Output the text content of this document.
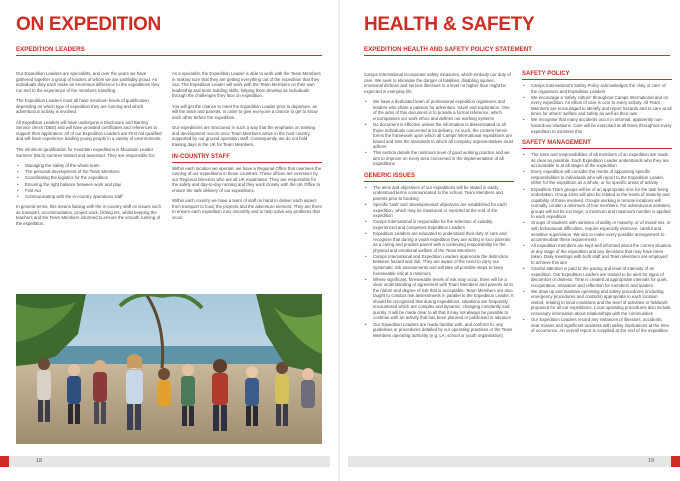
ON EXPEDITION
EXPEDITION LEADERS

Our Expedition Leaders are specialists, and over the years we have gathered together a group of leaders of whom we are justifiably proud. As individuals they each make an enormous difference to the expeditions they run and to the experience of the members travelling.

The Expedition Leaders must all have minimum levels of qualification, depending on which type of expedition they are running and which adventurous activity is involved.

All Expedition Leaders will have undergone a Disclosure and Barring Service check (DBS) and will have provided certificates and references to support their application. All of our Expedition Leaders are First Aid qualified and will have experience leading young people in a variety of environments.

The minimum qualification for mountain expeditions is Mountain Leader Summer (MLS) summer trained and assessed. They are responsible for:

• Managing the safety of the whole team
• The personal development of the Team Members
• Coordinating the logistics for the expedition
• Ensuring the right balance between work and play
• First Aid
• Communicating with the in-country operations staff

In general terms, this means liaising with the in-country staff on issues such as transport, accommodation, project work, fishing etc, whilst keeping the teachers and the Team Members informed to ensure the smooth running of the expedition.

As a specialist, the Expedition Leader is able to work with the Team Members in making sure that they are getting everything out of the expedition that they can. The Expedition Leader will work with the Team Members on their own leadership and team building skills, helping them develop as individuals through the challenges they face on expedition.

You will get the chance to meet the Expedition Leader prior to departure, as will the team and parents, in order to give everyone a chance to get to know each other before the expedition.

Our expeditions are structured in such a way that the emphasis on training and development occurs once Team Members arrive in the host country, supported by our ground operation staff. Consequently, we do not hold training days in the UK for Team Members.

IN-COUNTRY STAFF

Within each location we operate, we have a Regional Office that oversees the running of our expeditions in those countries. These offices are overseen by our Regional Directors who are all UK expatriates. They are responsible for the safety and day-to-day running and they work closely with the UK Office to ensure the safe delivery of our expeditions.

Within each country we have a team of staff on hand to deliver each aspect from transport to food; the projects and the adventure element. They are there to ensure each expedition runs smoothly and to help solve any problems that occur.

18
HEALTH & SAFETY
EXPEDITION HEALTH AND SAFETY POLICY STATEMENT

Camps International incorporate safety measures, which embody our duty of care. We seek to eliminate the danger of fatalities, disabling injuries, emotional distress and serious illnesses to a level no higher than might be expected in everyday life

• We have a dedicated team of professional expedition organisers and leaders who share a passion for adventure, travel and exploration. One of the aims of this document is to provide a formal reference, which encompasses our work ethos and defines our working systems
• No document is effective unless the information is disseminated to all those individuals concerned in its delivery. As such, the content herein forms the framework upon which all Camps International expeditions are based and sets the standards to which all company representatives must adhere
• This section details the minimum level of good working practice and we aim to improve on every area concerned in the implementation of all expeditions
GENERIC ISSUES
• The aims and objectives of our expeditions will be stated in easily understood terms communicated to the school, Team Members and parents prior to booking
• Specific 'task' and 'developmental' objectives are established for each expedition, which may be measured or reported at the end of the expedition
• Camps International is responsible for the selection of suitably experienced and competent Expedition Leaders
• Expedition Leaders are educated to understand their duty of care and recognise that during a youth expedition they are acting in loco parentis as a caring and prudent parent with a continuing responsibility for the physical and emotional welfare of the Team Members
• Camps International and Expedition Leaders appreciate the distinction between hazard and risk. They are aware of the need to carry out systematic risk assessments and will take all possible steps to keep foreseeable risk at a minimum
• Where significant, foreseeable levels of risk may occur, there will be a clear understanding or agreement with Team Members and parents as to the nature and degree of risk that is acceptable. Team Members are also taught to conduct risk assessments in parallel to the Expedition Leader. It should be recognised that during expeditions, situations are frequently encountered which are complex and dynamic, changing constantly and quickly. It will be made clear to all that it may not always be possible to continue with an activity that has been planned or publicised in advance
• Our Expedition Leaders are made familiar with, and conform to, any guidelines or procedures detailed by our operating practises or the Team Members operating authority (e.g. LA, school or youth organisation)
SAFETY POLICY
• Camps International's Safety Policy acknowledges the 'duty of care' of the organisers and Expedition Leaders
• We encourage a 'safety culture' throughout Camps International and on every expedition. An ethos of care is core to every activity. All Team Members are encouraged to identify and report hazards and to care at all times for others' welfare and safety as well as their own
• We recognise that many accidents occur in informal, apparently non-hazardous situations. Care will be exercised at all times throughout every expedition to minimise this
SAFETY MANAGEMENT
• The roles and responsibilities of all members of an expedition are made as clear as possible. Each Expedition Leader understands who they are accountable to at all stages of the expedition
• Every expedition will consider the merits of appointing specific responsibilities to individuals who will report to the Expedition Leader, either for the expedition as a whole, or for specific areas of activity
• Expedition Team groups will be of an appropriate size for the task being undertaken. Group sizes will also be related to the levels of maturity and capability of those involved. Groups working in remote locations will normally contain a minimum of four members. For adventurous activities, groups will not be too large; a minimum and maximum number is applied to each expedition
• Groups of students with varieties of ability or maturity, or of mixed sex, or with behavioural difficulties, require especially intensive, careful and sensitive supervision. We aim to make every possible arrangement to accommodate these requirements
• All expedition members are kept well informed about the current situation at any stage of the expedition and any decisions that may have been taken. Daily meetings with both staff and Team Members are employed to achieve this aim
• Careful attention is paid to the pacing and level of intensity of an expedition. Our Expedition Leaders are trained to be alert for signs of discomfort or distress. Time is created at appropriate intervals for quiet, recuperation, relaxation and reflection for members and leaders
• We draw up and maintain operating and safety procedures (including emergency procedures and contacts) appropriate to each location visited, relating to local conditions and the level of activities or fieldwork proposed for all our expeditions. Local operating procedures also include necessary information about relationships with the communities
• Our Expedition Leaders record any instances of illnesses, accidents, near misses and significant incidents with safety implications at the time of occurrence. An overall report is compiled at the end of the expedition
19
